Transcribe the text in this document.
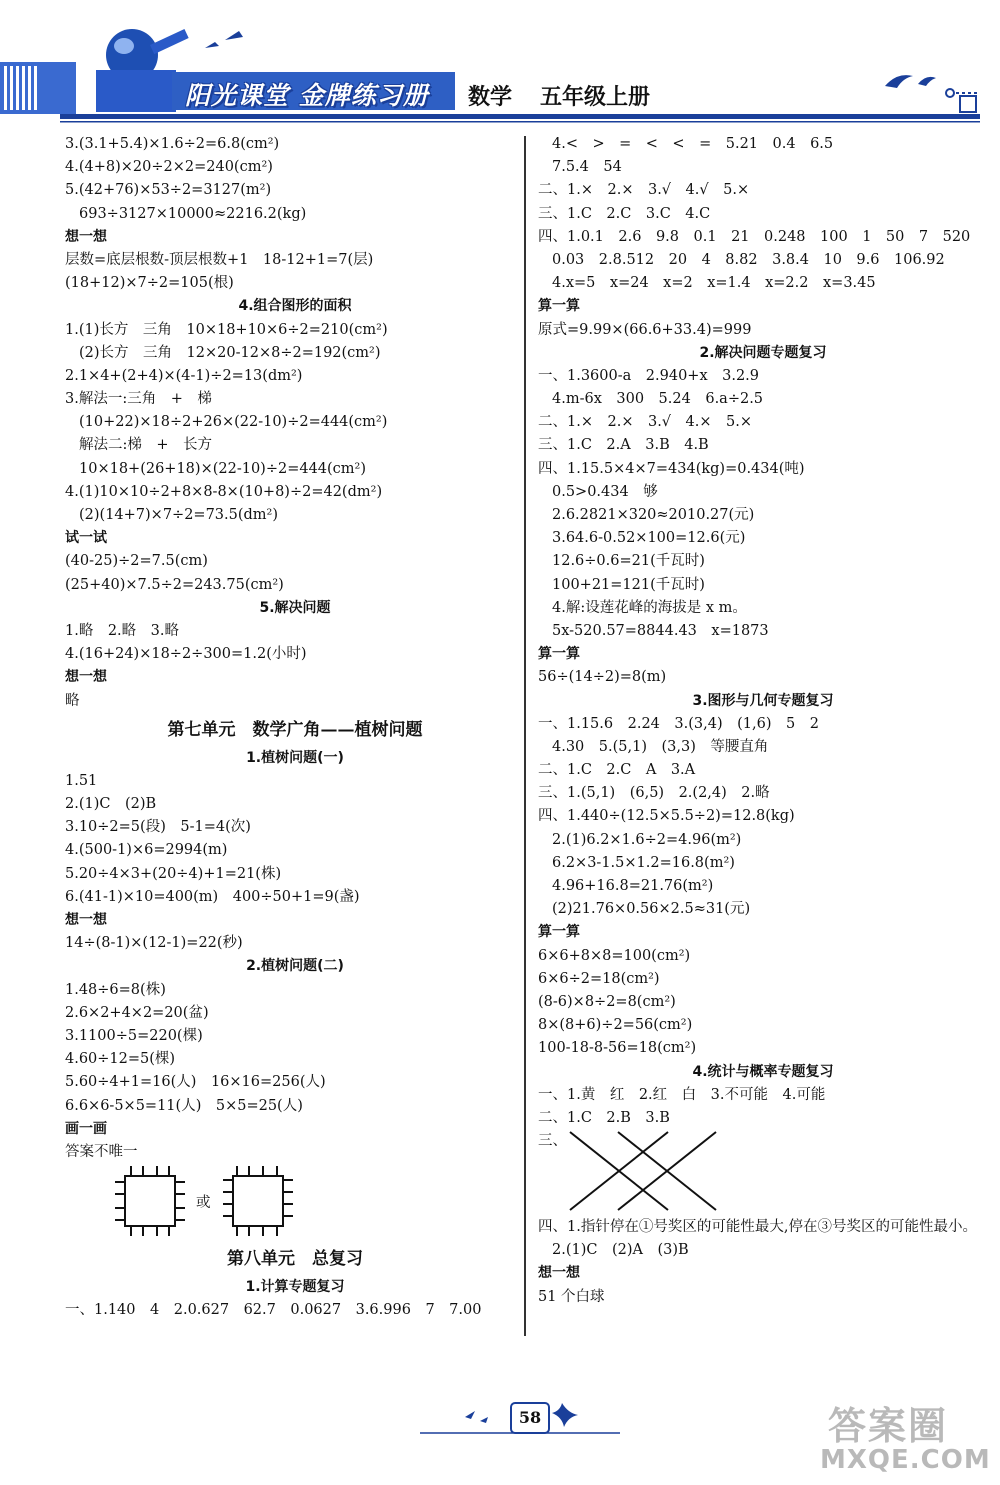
阳光课堂 金牌练习册 数学 五年级上册
3.(3.1+5.4)×1.6÷2=6.8(cm²)
4.(4+8)×20÷2×2=240(cm²)
5.(42+76)×53÷2=3127(m²)
693÷3127×10000≈2216.2(kg)
想一想
层数=底层根数-顶层根数+1　18-12+1=7(层)
(18+12)×7÷2=105(根)
4.组合图形的面积
1.(1)长方　三角　10×18+10×6÷2=210(cm²)
(2)长方　三角　12×20-12×8÷2=192(cm²)
2.1×4+(2+4)×(4-1)÷2=13(dm²)
3.解法一:三角　+　梯
(10+22)×18÷2+26×(22-10)÷2=444(cm²)
解法二:梯　+　长方
10×18+(26+18)×(22-10)÷2=444(cm²)
4.(1)10×10÷2+8×8-8×(10+8)÷2=42(dm²)
(2)(14+7)×7÷2=73.5(dm²)
试一试
(40-25)÷2=7.5(cm)
(25+40)×7.5÷2=243.75(cm²)
5.解决问题
1.略　2.略　3.略
4.(16+24)×18÷2÷300=1.2(小时)
想一想
略
第七单元　数学广角——植树问题
1.植树问题(一)
1.51
2.(1)C　(2)B
3.10÷2=5(段)　5-1=4(次)
4.(500-1)×6=2994(m)
5.20÷4×3+(20÷4)+1=21(株)
6.(41-1)×10=400(m)　400÷50+1=9(盏)
想一想
14÷(8-1)×(12-1)=22(秒)
2.植树问题(二)
1.48÷6=8(株)
2.6×2+4×2=20(盆)
3.1100÷5=220(棵)
4.60÷12=5(棵)
5.60÷4+1=16(人)　16×16=256(人)
6.6×6-5×5=11(人)　5×5=25(人)
画一画
答案不唯一
或
第八单元　总复习
1.计算专题复习
一、1.140　4　2.0.627　62.7　0.0627　3.6.996　7　7.00
4.<　>　=　<　<　=　5.21　0.4　6.5
7.5.4　54
二、1.×　2.×　3.√　4.√　5.×
三、1.C　2.C　3.C　4.C
四、1.0.1　2.6　9.8　0.1　21　0.248　100　1　50　7　520
0.03　2.8.512　20　4　8.82　3.8.4　10　9.6　106.92
4.x=5　x=24　x=2　x=1.4　x=2.2　x=3.45
算一算
原式=9.99×(66.6+33.4)=999
2.解决问题专题复习
一、1.3600-a　2.940+x　3.2.9
4.m-6x　300　5.24　6.a÷2.5
二、1.×　2.×　3.√　4.×　5.×
三、1.C　2.A　3.B　4.B
四、1.15.5×4×7=434(kg)=0.434(吨)
0.5>0.434　够
2.6.2821×320≈2010.27(元)
3.64.6-0.52×100=12.6(元)
12.6÷0.6=21(千瓦时)
100+21=121(千瓦时)
4.解:设莲花峰的海拔是 x m。
5x-520.57=8844.43　x=1873
算一算
56÷(14÷2)=8(m)
3.图形与几何专题复习
一、1.15.6　2.24　3.(3,4)　(1,6)　5　2
4.30　5.(5,1)　(3,3)　等腰直角
二、1.C　2.C　A　3.A
三、1.(5,1)　(6,5)　2.(2,4)　2.略
四、1.440÷(12.5×5.5÷2)=12.8(kg)
2.(1)6.2×1.6÷2=4.96(m²)
6.2×3-1.5×1.2=16.8(m²)
4.96+16.8=21.76(m²)
(2)21.76×0.56×2.5≈31(元)
算一算
6×6+8×8=100(cm²)
6×6÷2=18(cm²)
(8-6)×8÷2=8(cm²)
8×(8+6)÷2=56(cm²)
100-18-8-56=18(cm²)
4.统计与概率专题复习
一、1.黄　红　2.红　白　3.不可能　4.可能
二、1.C　2.B　3.B
三、
四、1.指针停在①号奖区的可能性最大,停在③号奖区的可能性最小。　2.(1)C　(2)A　(3)B
想一想
51 个白球
58	答案圈
MXQE.COM
